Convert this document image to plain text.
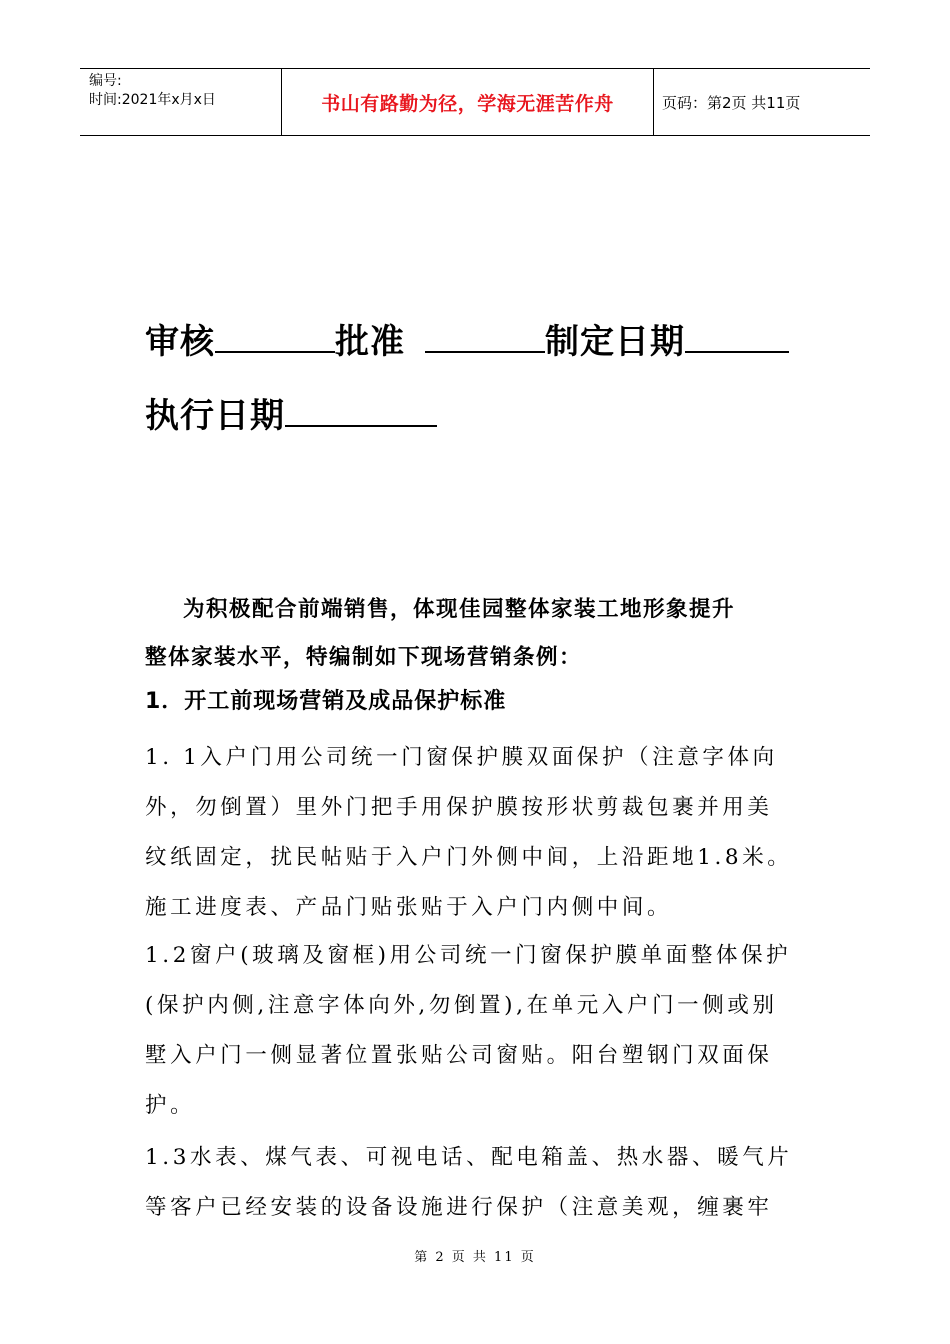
编号:
时间:2021年x月x日	书山有路勤为径，学海无涯苦作舟	页码：第2页 共11页
审核	批准	制定日期
执行日期
为积极配合前端销售，体现佳园整体家装工地形象提升
整体家装水平，特编制如下现场营销条例：
1．开工前现场营销及成品保护标准

1. 1入户门用公司统一门窗保护膜双面保护（注意字体向

外，勿倒置）里外门把手用保护膜按形状剪裁包裹并用美

纹纸固定，扰民帖贴于入户门外侧中间，上沿距地1.8米。

施工进度表、产品门贴张贴于入户门内侧中间。

1.2窗户(玻璃及窗框)用公司统一门窗保护膜单面整体保护

(保护内侧,注意字体向外,勿倒置),在单元入户门一侧或别

墅入户门一侧显著位置张贴公司窗贴。阳台塑钢门双面保

护。

1.3水表、煤气表、可视电话、配电箱盖、热水器、暖气片

等客户已经安装的设备设施进行保护（注意美观，缠裹牢

第 2 页 共 11 页
